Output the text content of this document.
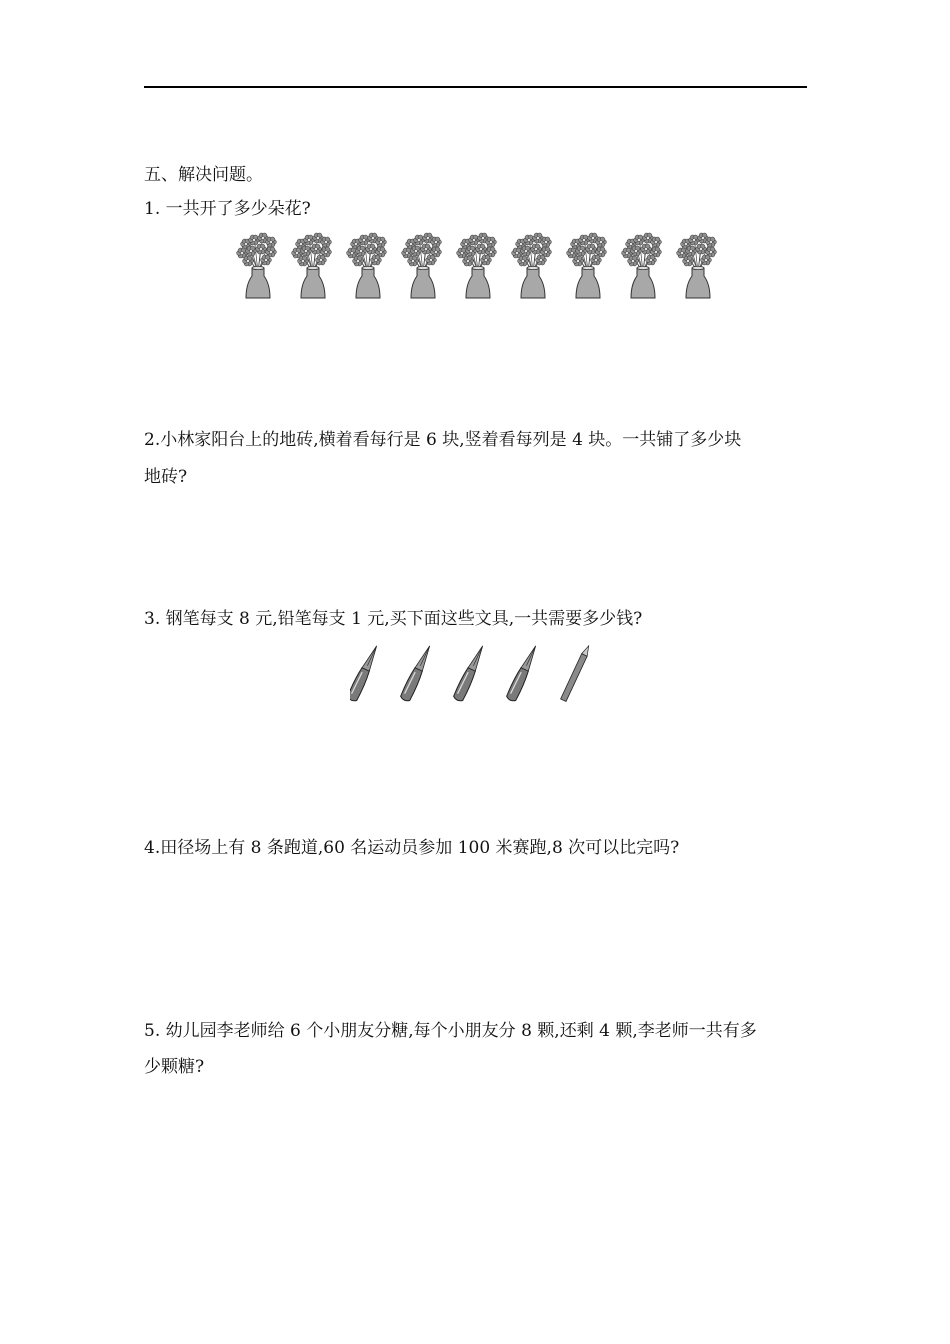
五、解决问题。
1. 一共开了多少朵花?
2.小林家阳台上的地砖,横着看每行是 6 块,竖着看每列是 4 块。一共铺了多少块
地砖?
3. 钢笔每支 8 元,铅笔每支 1 元,买下面这些文具,一共需要多少钱?
4.田径场上有 8 条跑道,60 名运动员参加 100 米赛跑,8 次可以比完吗?
5. 幼儿园李老师给 6 个小朋友分糖,每个小朋友分 8 颗,还剩 4 颗,李老师一共有多
少颗糖?
